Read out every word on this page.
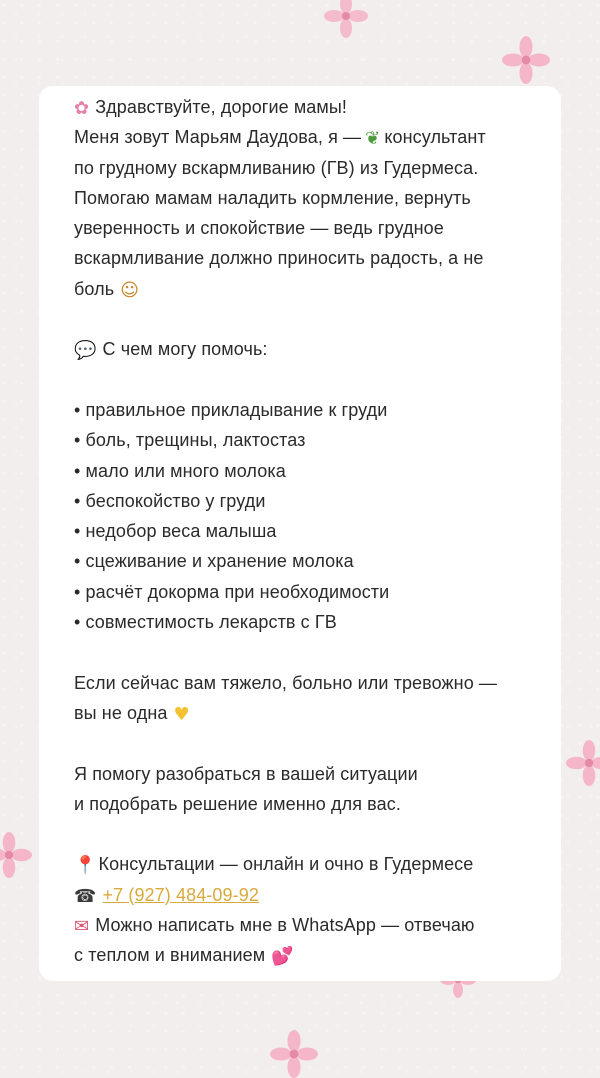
✿ Здравствуйте, дорогие мамы!
Меня зовут Марьям Даудова, я — ❦ консультант
по грудному вскармливанию (ГВ) из Гудермеса.
Помогаю мамам наладить кормление, вернуть
уверенность и спокойствие — ведь грудное
вскармливание должно приносить радость, а не
боль ☺
💬 С чем могу помочь:
• правильное прикладывание к груди
• боль, трещины, лактостаз
• мало или много молока
• беспокойство у груди
• недобор веса малыша
• сцеживание и хранение молока
• расчёт докорма при необходимости
• совместимость лекарств с ГВ
Если сейчас вам тяжело, больно или тревожно —
вы не одна ♥
Я помогу разобраться в вашей ситуации
и подобрать решение именно для вас.
📍 Консультации — онлайн и очно в Гудермесе
☎ +7 (927) 484-09-92
✉ Можно написать мне в WhatsApp — отвечаю
с теплом и вниманием 💕
